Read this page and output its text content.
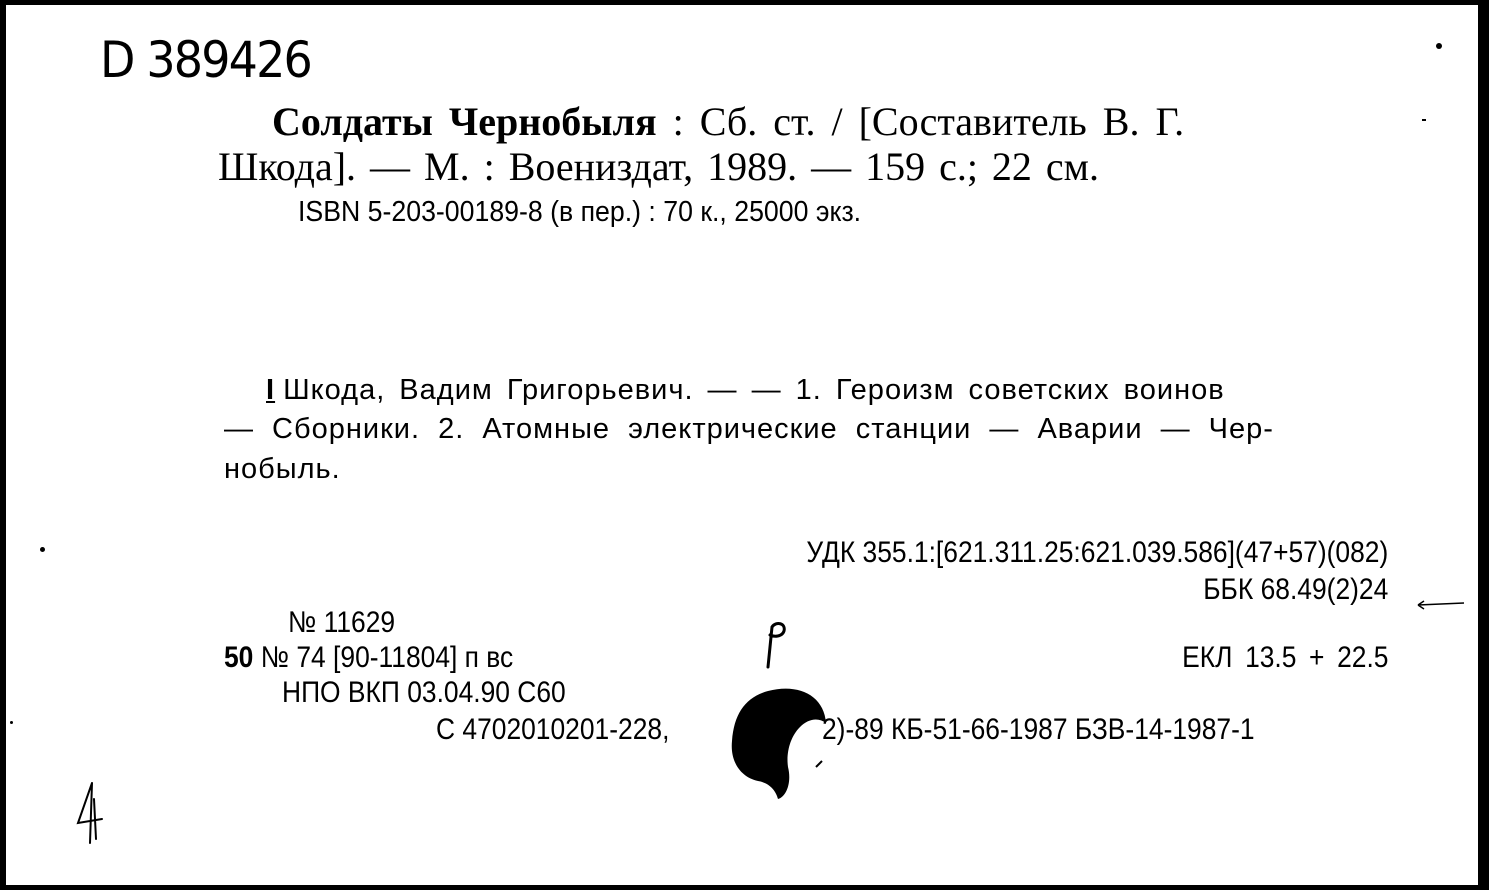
D 389426
Солдаты Чернобыля : Сб. ст. / [Составитель В. Г.
Шкода]. — М. : Воениздат, 1989. — 159 с.; 22 см.
ISBN 5-203-00189-8 (в пер.) : 70 к., 25000 экз.
I Шкода, Вадим Григорьевич. — — 1. Героизм советских воинов
— Сборники. 2. Атомные электрические станции — Аварии — Чер-
нобыль.
УДК 355.1:[621.311.25:621.039.586](47+57)(082)
ББК 68.49(2)24
№ 11629
50 № 74 [90-11804] п вс	ЕКЛ 13.5 + 22.5
НПО ВКП 03.04.90 С60
С 4702010201-228,	2)-89 КБ-51-66-1987 БЗВ-14-1987-1
